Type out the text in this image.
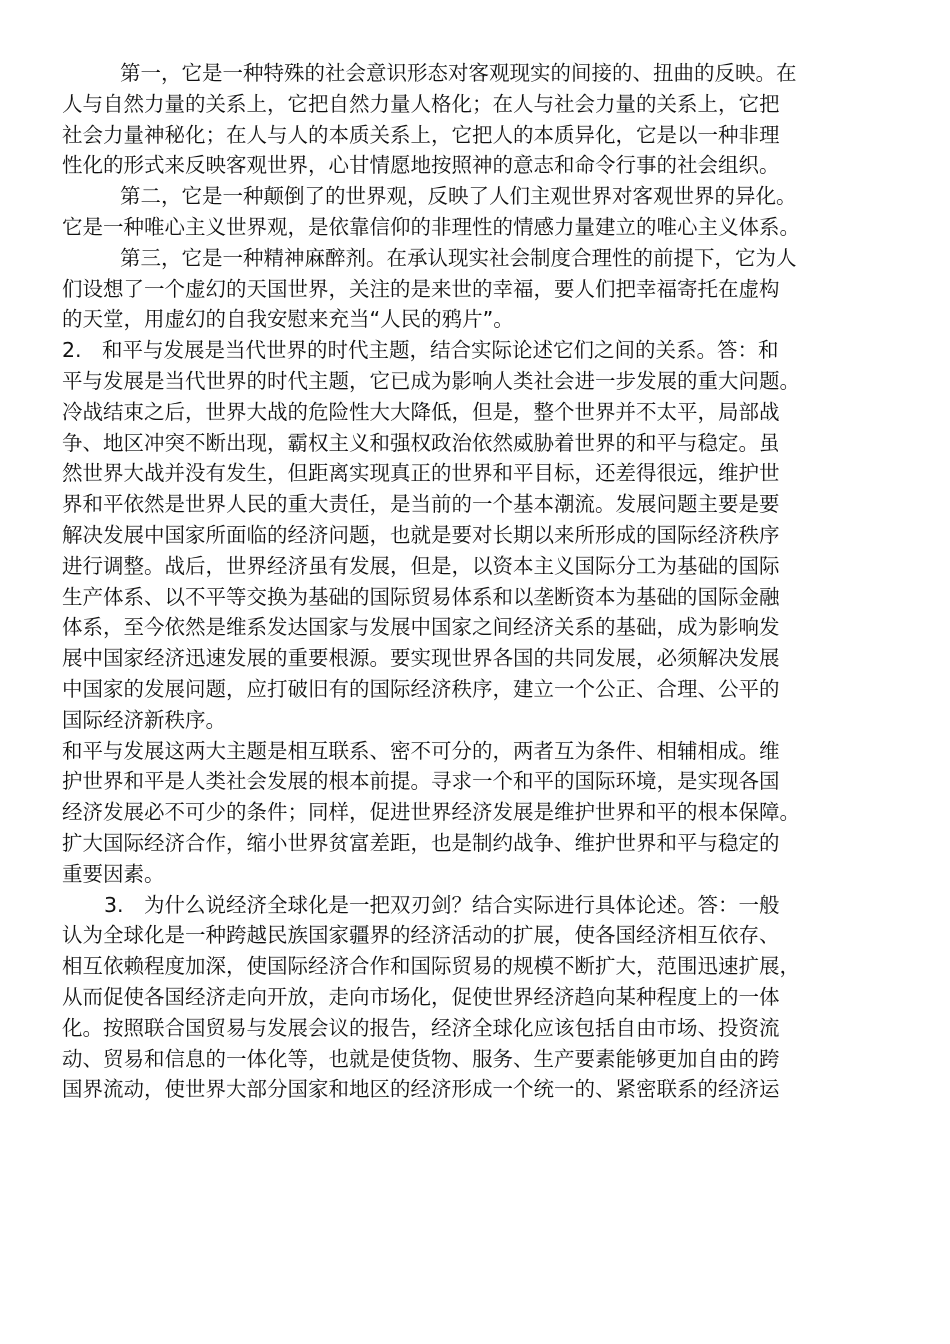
第一，它是一种特殊的社会意识形态对客观现实的间接的、扭曲的反映。在
人与自然力量的关系上，它把自然力量人格化；在人与社会力量的关系上，它把
社会力量神秘化；在人与人的本质关系上，它把人的本质异化，它是以一种非理
性化的形式来反映客观世界，心甘情愿地按照神的意志和命令行事的社会组织。
第二，它是一种颠倒了的世界观，反映了人们主观世界对客观世界的异化。
它是一种唯心主义世界观，是依靠信仰的非理性的情感力量建立的唯心主义体系。
第三，它是一种精神麻醉剂。在承认现实社会制度合理性的前提下，它为人
们设想了一个虚幻的天国世界，关注的是来世的幸福，要人们把幸福寄托在虚构
的天堂，用虚幻的自我安慰来充当“人民的鸦片”。
2.　和平与发展是当代世界的时代主题，结合实际论述它们之间的关系。答：和
平与发展是当代世界的时代主题，它已成为影响人类社会进一步发展的重大问题。
冷战结束之后，世界大战的危险性大大降低，但是，整个世界并不太平，局部战
争、地区冲突不断出现，霸权主义和强权政治依然威胁着世界的和平与稳定。虽
然世界大战并没有发生，但距离实现真正的世界和平目标，还差得很远，维护世
界和平依然是世界人民的重大责任，是当前的一个基本潮流。发展问题主要是要
解决发展中国家所面临的经济问题，也就是要对长期以来所形成的国际经济秩序
进行调整。战后，世界经济虽有发展，但是，以资本主义国际分工为基础的国际
生产体系、以不平等交换为基础的国际贸易体系和以垄断资本为基础的国际金融
体系，至今依然是维系发达国家与发展中国家之间经济关系的基础，成为影响发
展中国家经济迅速发展的重要根源。要实现世界各国的共同发展，必须解决发展
中国家的发展问题，应打破旧有的国际经济秩序，建立一个公正、合理、公平的
国际经济新秩序。
和平与发展这两大主题是相互联系、密不可分的，两者互为条件、相辅相成。维
护世界和平是人类社会发展的根本前提。寻求一个和平的国际环境，是实现各国
经济发展必不可少的条件；同样，促进世界经济发展是维护世界和平的根本保障。
扩大国际经济合作，缩小世界贫富差距，也是制约战争、维护世界和平与稳定的
重要因素。
3.　为什么说经济全球化是一把双刃剑？结合实际进行具体论述。答：一般
认为全球化是一种跨越民族国家疆界的经济活动的扩展，使各国经济相互依存、
相互依赖程度加深，使国际经济合作和国际贸易的规模不断扩大，范围迅速扩展，
从而促使各国经济走向开放，走向市场化，促使世界经济趋向某种程度上的一体
化。按照联合国贸易与发展会议的报告，经济全球化应该包括自由市场、投资流
动、贸易和信息的一体化等，也就是使货物、服务、生产要素能够更加自由的跨
国界流动，使世界大部分国家和地区的经济形成一个统一的、紧密联系的经济运
